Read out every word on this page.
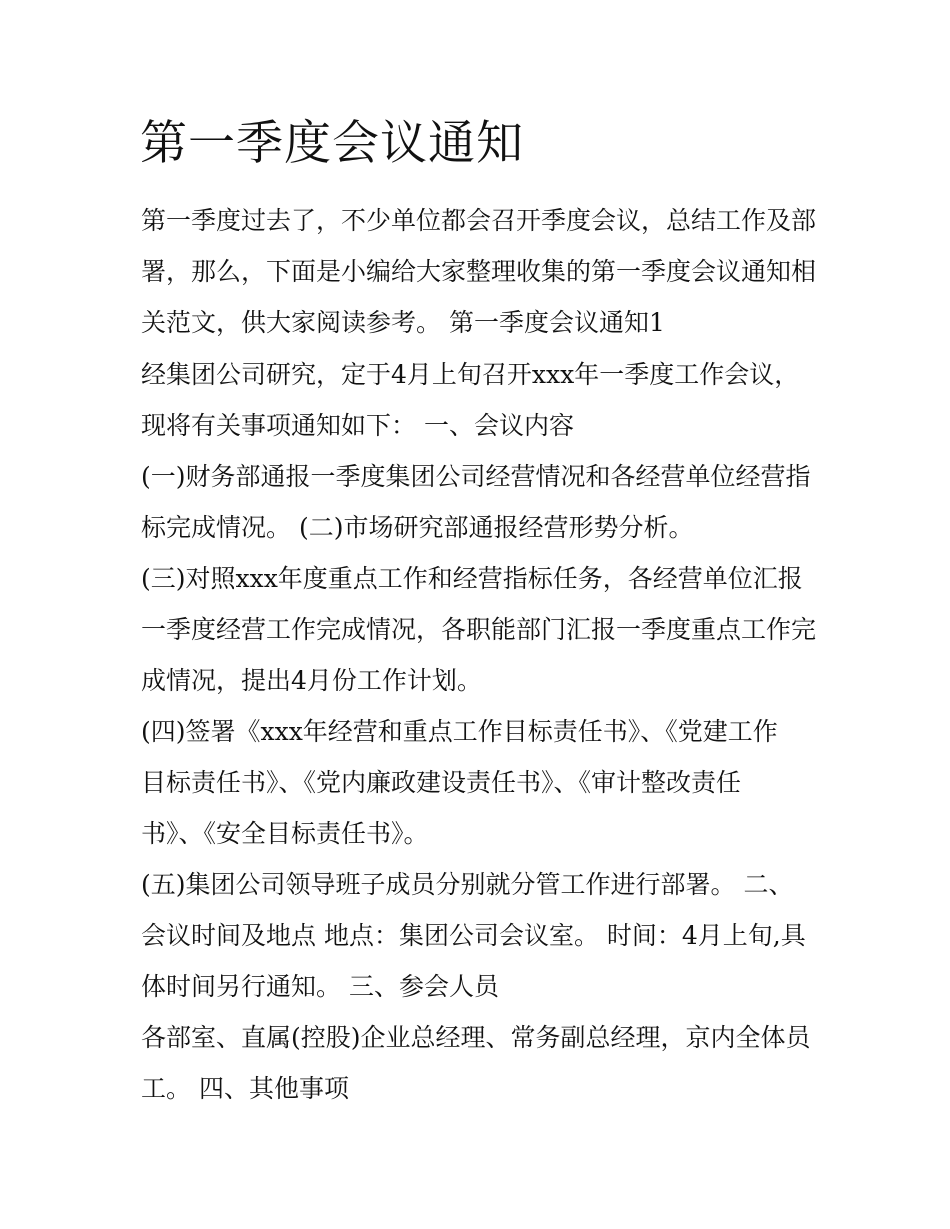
第一季度会议通知
第一季度过去了，不少单位都会召开季度会议，总结工作及部
署，那么，下面是小编给大家整理收集的第一季度会议通知相
关范文，供大家阅读参考。 第一季度会议通知1
经集团公司研究，定于4月上旬召开xxx年一季度工作会议，
现将有关事项通知如下： 一、会议内容
(一)财务部通报一季度集团公司经营情况和各经营单位经营指
标完成情况。 (二)市场研究部通报经营形势分析。
(三)对照xxx年度重点工作和经营指标任务，各经营单位汇报
一季度经营工作完成情况，各职能部门汇报一季度重点工作完
成情况，提出4月份工作计划。
(四)签署《xxx年经营和重点工作目标责任书》、《党建工作
目标责任书》、《党内廉政建设责任书》、《审计整改责任
书》、《安全目标责任书》。
(五)集团公司领导班子成员分别就分管工作进行部署。 二、
会议时间及地点 地点：集团公司会议室。 时间：4月上旬,具
体时间另行通知。 三、参会人员
各部室、直属(控股)企业总经理、常务副总经理，京内全体员
工。 四、其他事项
